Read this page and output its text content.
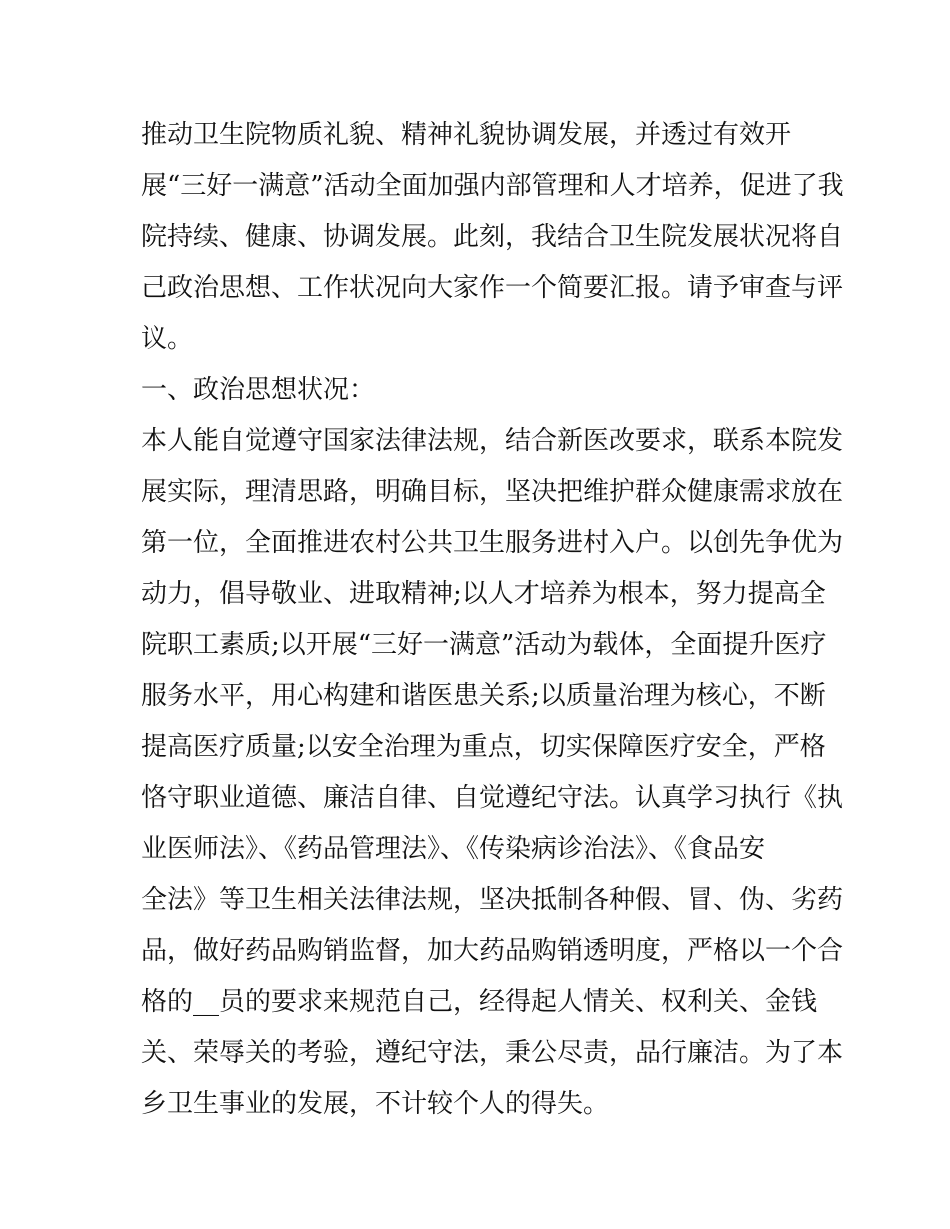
推动卫生院物质礼貌、精神礼貌协调发展，并透过有效开
展“三好一满意”活动全面加强内部管理和人才培养，促进了我
院持续、健康、协调发展。此刻，我结合卫生院发展状况将自
己政治思想、工作状况向大家作一个简要汇报。请予审查与评
议。
一、政治思想状况：
本人能自觉遵守国家法律法规，结合新医改要求，联系本院发
展实际，理清思路，明确目标，坚决把维护群众健康需求放在
第一位，全面推进农村公共卫生服务进村入户。以创先争优为
动力，倡导敬业、进取精神;以人才培养为根本，努力提高全
院职工素质;以开展“三好一满意”活动为载体，全面提升医疗
服务水平，用心构建和谐医患关系;以质量治理为核心，不断
提高医疗质量;以安全治理为重点，切实保障医疗安全，严格
恪守职业道德、廉洁自律、自觉遵纪守法。认真学习执行《执
业医师法》、《药品管理法》、《传染病诊治法》、《食品安
全法》等卫生相关法律法规，坚决抵制各种假、冒、伪、劣药
品，做好药品购销监督，加大药品购销透明度，严格以一个合
格的__员的要求来规范自己，经得起人情关、权利关、金钱
关、荣辱关的考验，遵纪守法，秉公尽责，品行廉洁。为了本
乡卫生事业的发展，不计较个人的得失。
